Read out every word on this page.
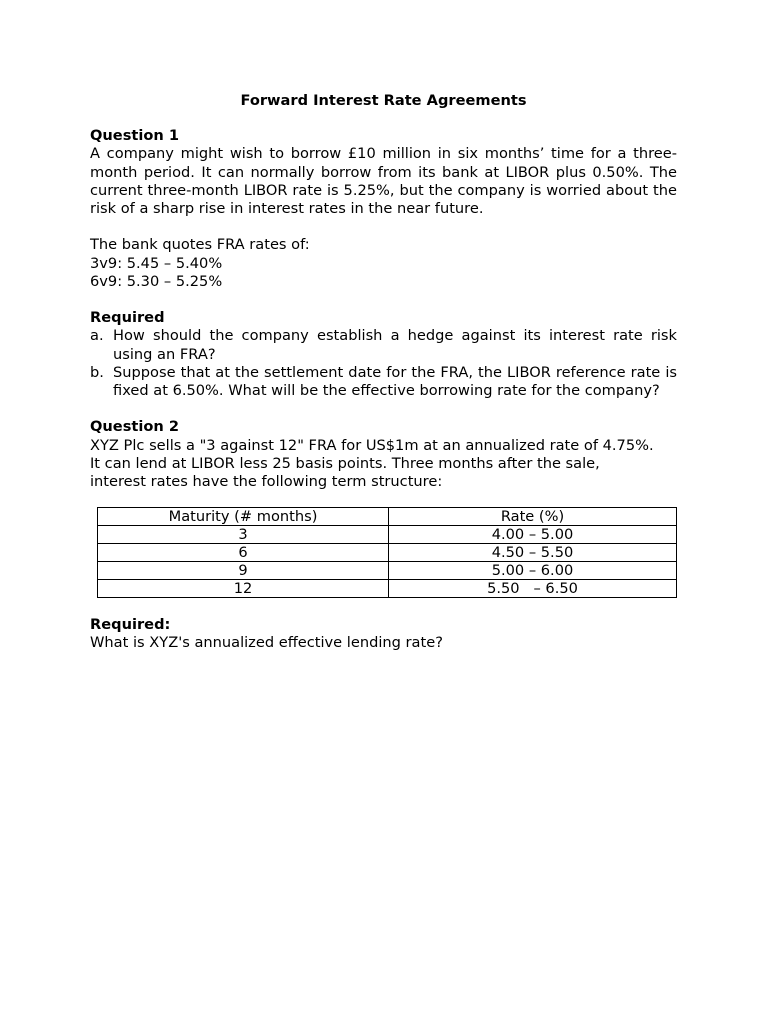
Forward Interest Rate Agreements

Question 1

A company might wish to borrow £10 million in six months’ time for a three-month period. It can normally borrow from its bank at LIBOR plus 0.50%. The current three-month LIBOR rate is 5.25%, but the company is worried about the risk of a sharp rise in interest rates in the near future.

The bank quotes FRA rates of:

3v9: 5.45 – 5.40%

6v9: 5.30 – 5.25%

Required

a. How should the company establish a hedge against its interest rate risk using an FRA?
b. Suppose that at the settlement date for the FRA, the LIBOR reference rate is fixed at 6.50%. What will be the effective borrowing rate for the company?

Question 2

XYZ Plc sells a "3 against 12" FRA for US$1m at an annualized rate of 4.75%.

It can lend at LIBOR less 25 basis points. Three months after the sale,

interest rates have the following term structure:

Maturity (# months)	Rate (%)
3	4.00 – 5.00
6	4.50 – 5.50
9	5.00 – 6.00
12	5.50   – 6.50

Required:

What is XYZ's annualized effective lending rate?
